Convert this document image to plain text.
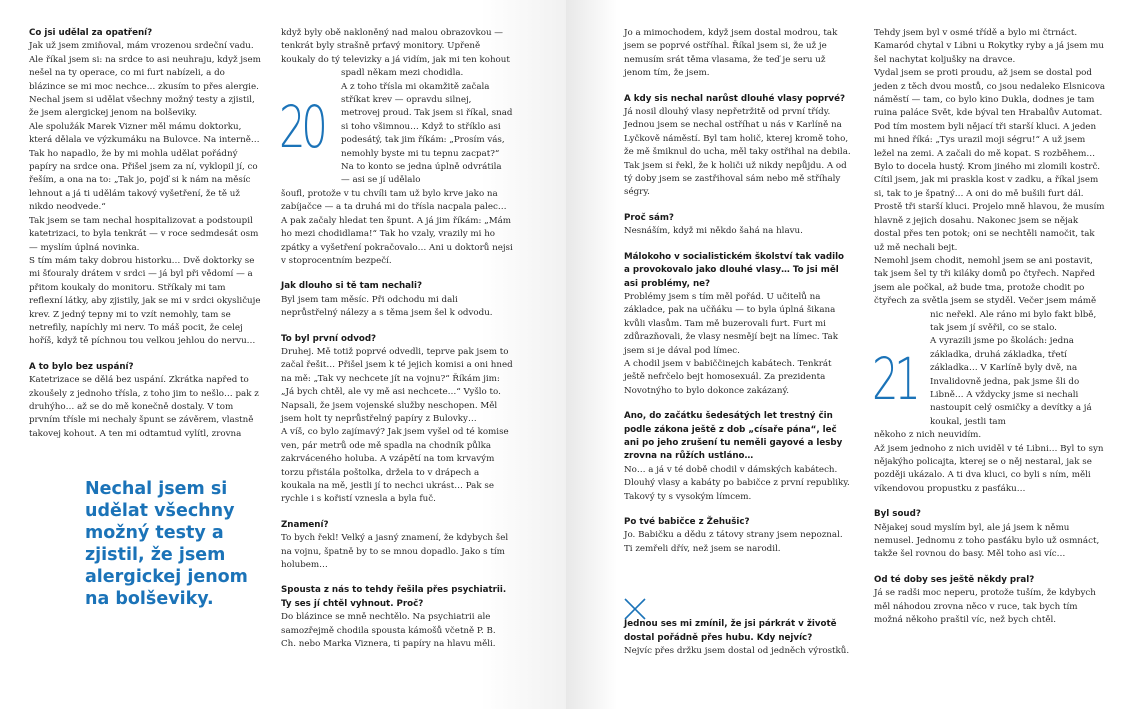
Co jsi udělal za opatření?

Jak už jsem zmiňoval, mám vrozenou srdeční vadu. Ale říkal jsem si: na srdce to asi neuhraju, když jsem nešel na ty operace, co mi furt nabízeli, a do blázince se mi moc nechce… zkusím to přes alergie.

Nechal jsem si udělat všechny možný testy a zjistil, že jsem alergickej jenom na bolševiky.

Ale spolužák Marek Vizner měl mámu doktorku, která dělala ve výzkumáku na Bulovce. Na interně… Tak ho napadlo, že by mi mohla udělat pořádný papíry na srdce ona. Přišel jsem za ní, vyklopil jí, co řeším, a ona na to: „Tak jo, pojď si k nám na měsíc lehnout a já ti udělám takový vyšetření, že tě už nikdo neodvede.“

Tak jsem se tam nechal hospitalizovat a podstoupil katetrizaci, to byla tenkrát — v roce sedmdesát osm — myslím úplná novinka.

S tím mám taky dobrou historku… Dvě doktorky se mi šťouraly drátem v srdci — já byl při vědomí — a přitom koukaly do monitoru. Stříkaly mi tam reflexní látky, aby zjistily, jak se mi v srdci okysličuje krev. Z jedný tepny mi to vzít nemohly, tam se netrefily, napíchly mi nerv. To máš pocit, že celej hoříš, když tě píchnou tou velkou jehlou do nervu…

A to bylo bez uspání?

Katetrizace se dělá bez uspání. Zkrátka napřed to zkoušely z jednoho třísla, z toho jim to nešlo… pak z druhýho… až se do mě konečně dostaly. V tom prvním třísle mi nechaly špunt se závěrem, vlastně takovej kohout. A ten mi odtamtud vylítl, zrovna

20

když byly obě nakloněný nad malou obrazovkou — tenkrát byly strašně prťavý monitory. Upřeně koukaly do tý televizky a já vidím, jak mi ten kohout

spadl někam mezi chodidla.

A z toho třísla mi okamžitě začala stříkat krev — opravdu silnej, metrovej proud. Tak jsem si říkal, snad si toho všimnou… Když to stříklo asi podesátý, tak jim říkám: „Prosím vás, nemohly byste mi tu tepnu zacpat?“ Na to konto se jedna úplně odvrátila — asi se jí udělalo

šoufl, protože v tu chvíli tam už bylo krve jako na zabíjačce — a ta druhá mi do třísla nacpala palec… A pak začaly hledat ten špunt. A já jim říkám: „Mám ho mezi chodidlama!“ Tak ho vzaly, vrazily mi ho zpátky a vyšetření pokračovalo… Ani u doktorů nejsi v stoprocentním bezpečí.

Jak dlouho si tě tam nechali?

Byl jsem tam měsíc. Při odchodu mi dali neprůstřelný nálezy a s těma jsem šel k odvodu.

To byl první odvod?

Druhej. Mě totiž poprvé odvedli, teprve pak jsem to začal řešit… Přišel jsem k té jejich komisi a oni hned na mě: „Tak vy nechcete jít na vojnu?“ Říkám jim: „Já bych chtěl, ale vy mě asi nechcete…“ Vyšlo to. Napsali, že jsem vojenské služby neschopen. Měl jsem holt ty neprůstřelný papíry z Bulovky…

A víš, co bylo zajímavý? Jak jsem vyšel od té komise ven, pár metrů ode mě spadla na chodník půlka zakrváceného holuba. A vzápětí na tom krvavým torzu přistála poštolka, držela to v drápech a koukala na mě, jestli jí to nechci ukrást… Pak se rychle i s kořistí vznesla a byla fuč.

Znamení?

To bych řekl! Velký a jasný znamení, že kdybych šel na vojnu, špatně by to se mnou dopadlo. Jako s tím holubem…

Spousta z nás to tehdy řešila přes psychiatrii. Ty ses jí chtěl vyhnout. Proč?

Do blázince se mně nechtělo. Na psychiatrii ale samozřejmě chodila spousta kámošů včetně P. B. Ch. nebo Marka Viznera, ti papíry na hlavu měli.

Nechal jsem si udělat všechny možný testy a zjistil, že jsem alergickej jenom na bolševiky.

Jo a mimochodem, když jsem dostal modrou, tak jsem se poprvé ostříhal. Říkal jsem si, že už je nemusím srát těma vlasama, že teď je seru už jenom tím, že jsem.

A kdy sis nechal narůst dlouhé vlasy poprvé?

Já nosil dlouhý vlasy nepřetržitě od první třídy. Jednou jsem se nechal ostříhat u nás v Karlíně na Lyčkově náměstí. Byl tam holič, kterej kromě toho, že mě šmiknul do ucha, měl taky ostřihal na debila. Tak jsem si řekl, že k holiči už nikdy nepůjdu. A od tý doby jsem se zastřihoval sám nebo mě stříhaly ségry.

Proč sám?

Nesnáším, když mi někdo šahá na hlavu.

Málokoho v socialistickém školství tak vadilo a provokovalo jako dlouhé vlasy… To jsi měl asi problémy, ne?

Problémy jsem s tím měl pořád. U učitelů na základce, pak na učňáku — to byla úplná šikana kvůli vlasům. Tam mě buzerovali furt. Furt mi zdůrazňovali, že vlasy nesmějí bejt na límec. Tak jsem si je dával pod límec.

A chodil jsem v babiččinejch kabátech. Tenkrát ještě nefrčelo bejt homosexuál. Za prezidenta Novotnýho to bylo dokonce zakázaný.

Ano, do začátku šedesátých let trestný čin podle zákona ještě z dob „císaře pána“, leč ani po jeho zrušení tu neměli gayové a lesby zrovna na růžích ustláno…

No… a já v té době chodil v dámských kabátech. Dlouhý vlasy a kabáty po babičce z první republiky. Takový ty s vysokým límcem.

Po tvé babičce z Žehušic?

Jo. Babičku a dědu z tátovy strany jsem nepoznal. Ti zemřeli dřív, než jsem se narodil.

Jednou ses mi zmínil, že jsi párkrát v životě dostal pořádně přes hubu. Kdy nejvíc?

Nejvíc přes držku jsem dostal od jedněch výrostků.

21

Tehdy jsem byl v osmé třídě a bylo mi čtrnáct. Kamaród chytal v Libni u Rokytky ryby a já jsem mu šel nachytat koljušky na dravce.

Vydal jsem se proti proudu, až jsem se dostal pod jeden z těch dvou mostů, co jsou nedaleko Elsnicova náměstí — tam, co bylo kino Dukla, dodnes je tam ruina paláce Svět, kde býval ten Hrabalův Automat. Pod tím mostem byli nějací tři starší kluci. A jeden mi hned říká: „Tys urazil moji ségru!“ A už jsem ležel na zemi. A začali do mě kopat. S rozběhem… Bylo to docela hustý. Krom jiného mi zlomili kostrč. Cítil jsem, jak mi praskla kost v zadku, a říkal jsem si, tak to je špatný… A oni do mě bušili furt dál. Prostě tři starší kluci. Projelo mně hlavou, že musím hlavně z jejich dosahu. Nakonec jsem se nějak dostal přes ten potok; oni se nechtěli namočit, tak už mě nechali bejt.

Nemohl jsem chodit, nemohl jsem se ani postavit, tak jsem šel ty tři kiláky domů po čtyřech. Napřed jsem ale počkal, až bude tma, protože chodit po čtyřech za světla jsem se styděl. Večer jsem mámě

nic neřekl. Ale ráno mi bylo fakt blbě, tak jsem jí svěřil, co se stalo.

A vyrazili jsme po školách: jedna základka, druhá základka, třetí základka… V Karlíně byly dvě, na Invalidovně jedna, pak jsme šli do Libně… A vždycky jsme si nechali nastoupit celý osmičky a devítky a já koukal, jestli tam

někoho z nich neuvidím.

Až jsem jednoho z nich uviděl v té Libni… Byl to syn nějakýho policajta, kterej se o něj nestaral, jak se později ukázalo. A ti dva kluci, co byli s ním, měli víkendovou propustku z pasťáku…

Byl soud?

Nějakej soud myslím byl, ale já jsem k němu nemusel. Jednomu z toho pasťáku bylo už osmnáct, takže šel rovnou do basy. Měl toho asi víc…

Od té doby ses ještě někdy pral?

Já se radši moc neperu, protože tuším, že kdybych měl náhodou zrovna něco v ruce, tak bych tím možná někoho praštil víc, než bych chtěl.
